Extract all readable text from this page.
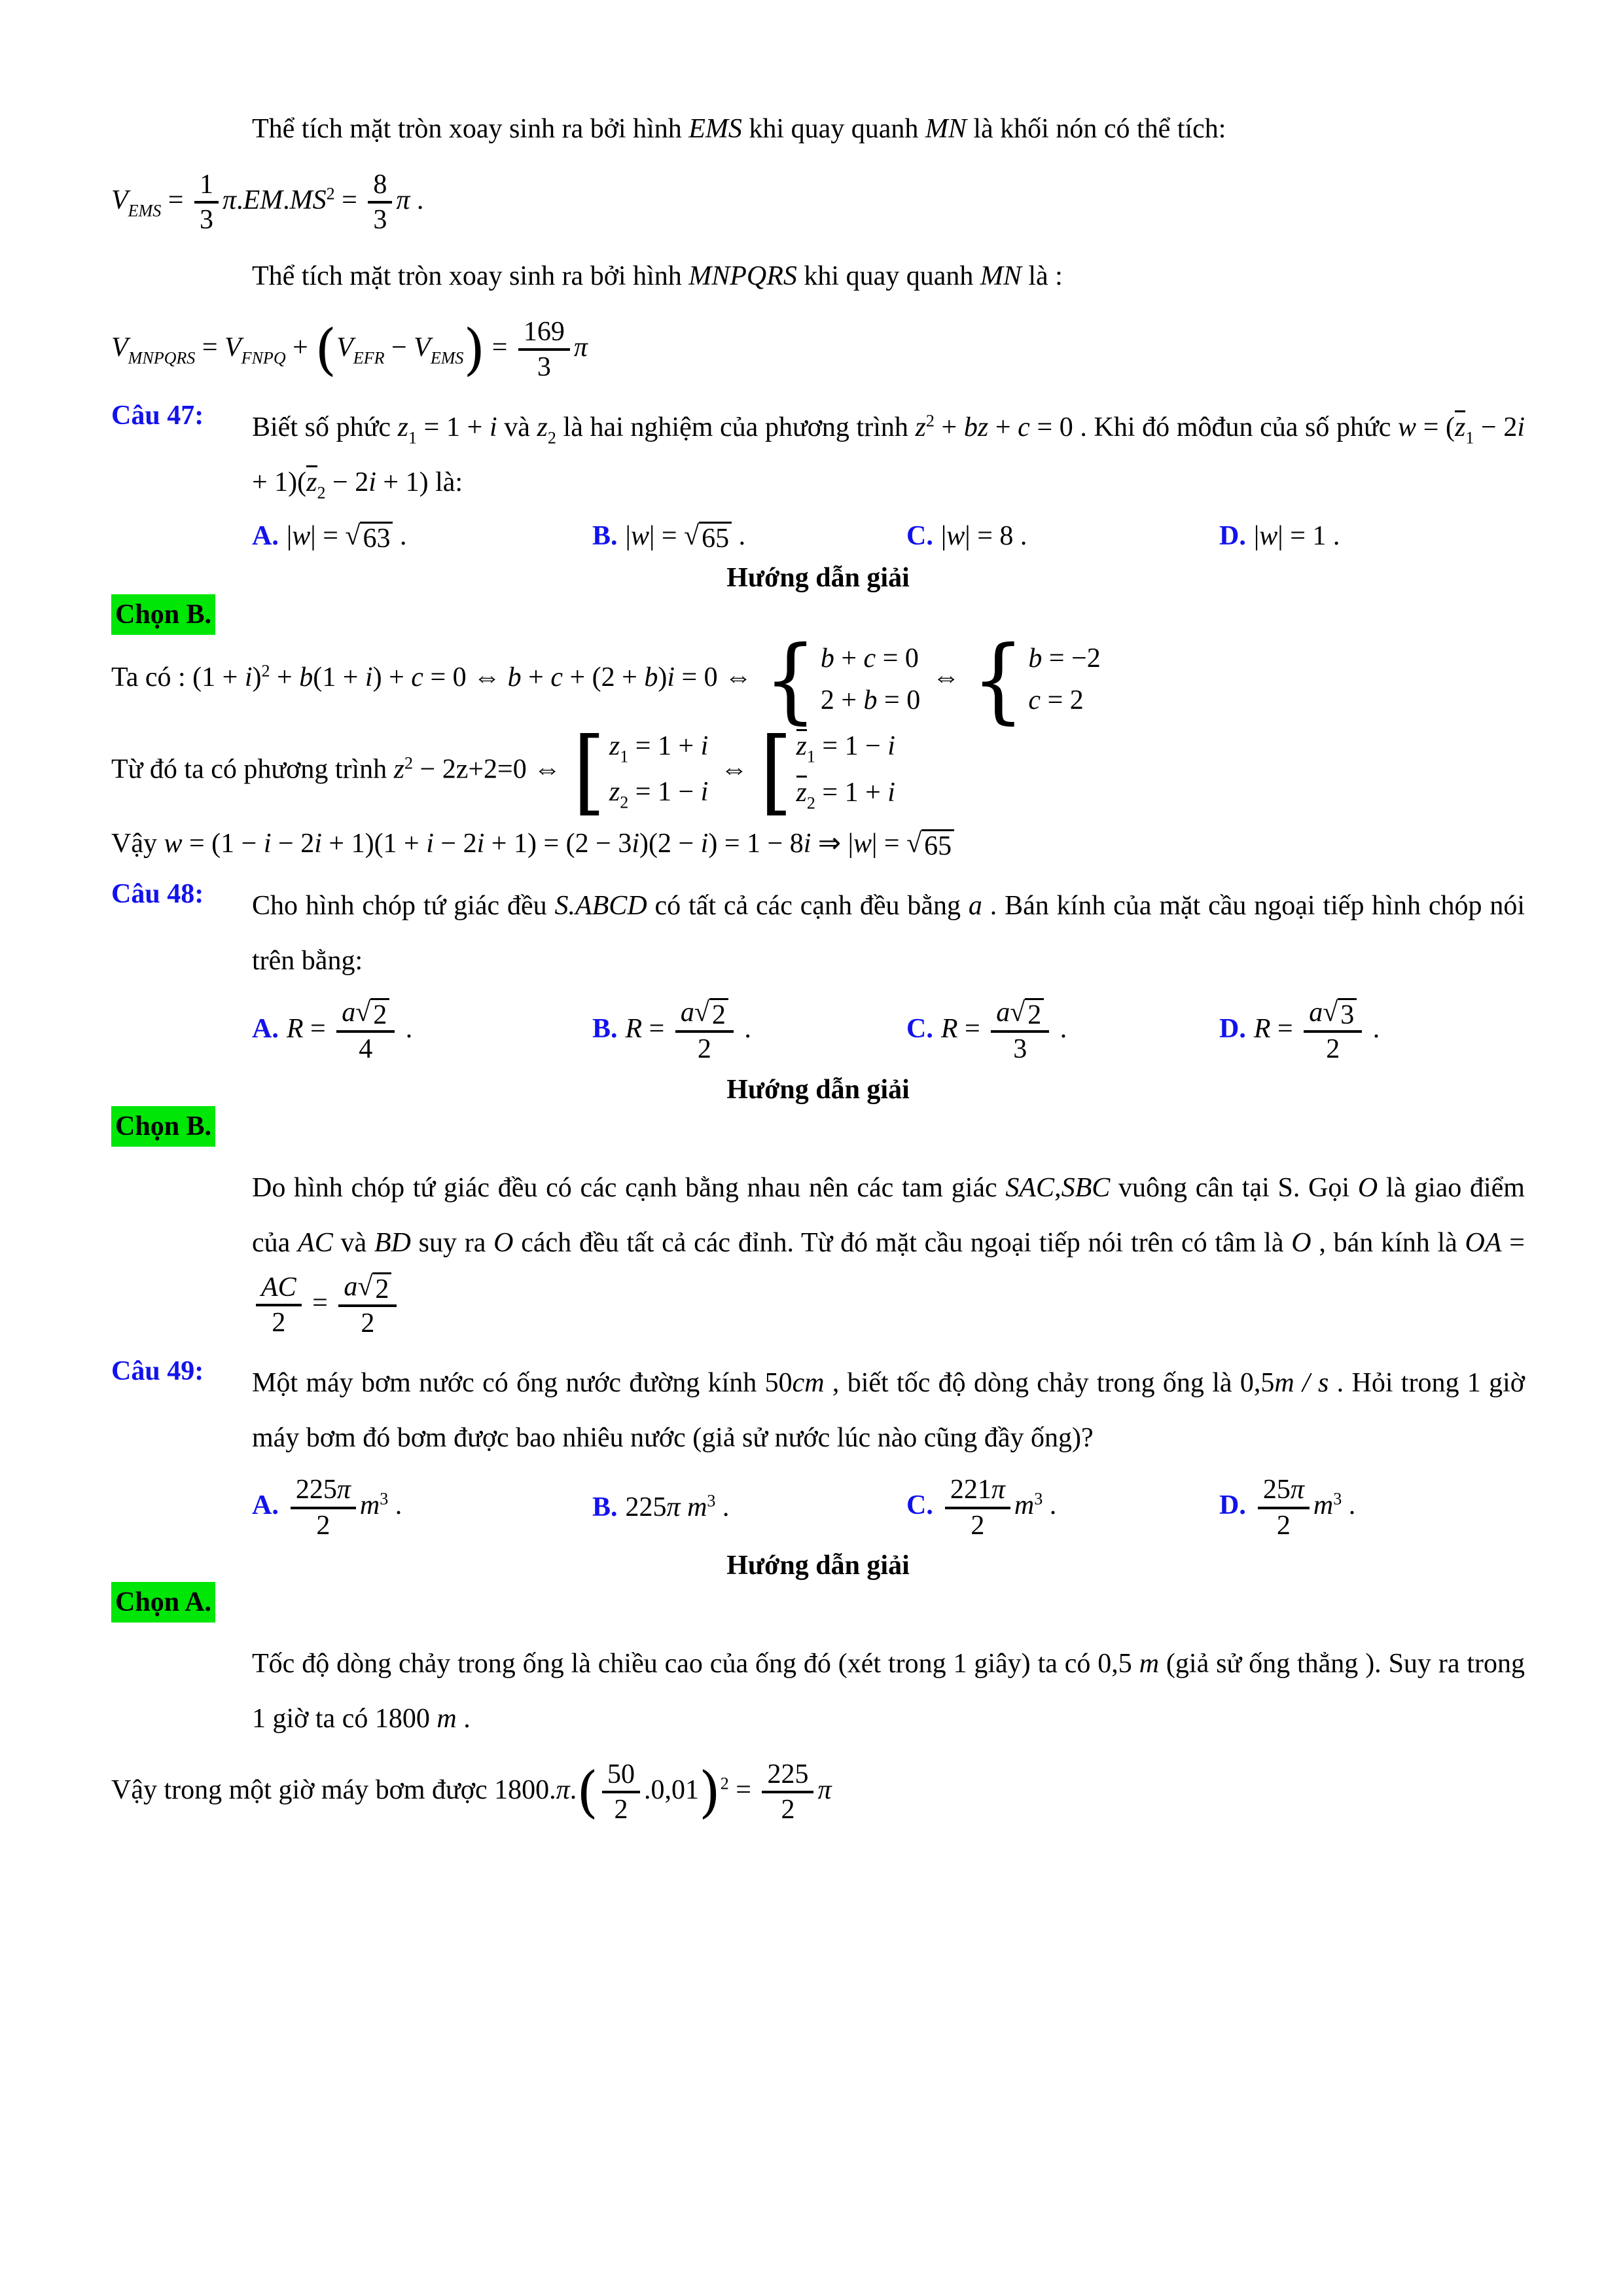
Thể tích mặt tròn xoay sinh ra bởi hình EMS khi quay quanh MN là khối nón có thể tích:
$V_{EMS} = \frac{1}{3} \pi.EM.MS^2 = \frac{8}{3}$ π .
Thể tích mặt tròn xoay sinh ra bởi hình MNPQRS khi quay quanh MN là :
$V_{MNPQRS} = V_{FNPQ} + (V_{EFR} - V_{EMS}) = \frac{169}{3}$ π
Câu 47:	Biết số phức $z_1 = 1 + i$ và $z_2$ là hai nghiệm của phương trình $z^2$ + bz + c = 0 . Khi đó môđun của số phức $w = (z_1 - 2i + 1)(z_2 - 2i + 1)$ là:
A. |w| = √ 63 .	B. |w| = √ 65 .	C. |w| = 8 .	D. |w| = 1 .
Hướng dẫn giải
Chọn B.
Ta có : $(1 + i)^2 + b(1 + i) + c = 0$ ⇔ b + c + (2 + b)i = 0 ⇔ { b + c = 0
2 + b = 0
⇔ { b = −2
c = 2
Từ đó ta có phương trình $z^2 - 2z+2=0$ ⇔ [ $z_1 = 1 + i$
$z_2 = 1 - i$
⇔ [ $z_1 = 1 - i$
$z_2 = 1 + i$
Vậy w = (1 − i − 2i + 1)(1 + i − 2i + 1) = (2 − 3i)(2 − i) = 1 − 8i ⇒ |w| = √ 65
Câu 48:	Cho hình chóp tứ giác đều S.ABCD có tất cả các cạnh đều bằng a . Bán kính của mặt cầu ngoại tiếp hình chóp nói trên bằng:
A. $R = \frac{a √ 2}{4}$ .	B. $R = \frac{a √ 2}{2}$ .	C. $R = \frac{a √ 2}{3}$ .	D. $R = \frac{a √ 3}{2}$ .
Hướng dẫn giải
Chọn B.
Do hình chóp tứ giác đều có các cạnh bằng nhau nên các tam giác SAC,SBC vuông cân tại S. Gọi O là giao điểm của AC và BD suy ra O cách đều tất cả các đỉnh. Từ đó mặt cầu ngoại tiếp nói trên có tâm là O , bán kính là OA =
$\frac{AC}{2} = \frac{a √ 2}{2}$
Câu 49:	Một máy bơm nước có ống nước đường kính 50cm , biết tốc độ dòng chảy trong ống là 0,5m / s . Hỏi trong 1 giờ máy bơm đó bơm được bao nhiêu nước (giả sử nước lúc nào cũng đầy ống)?
A. $\frac{225\pi}{2} m^3$ .	B. 225π $m^3$ .	C. $\frac{221\pi}{2} m^3$ .	D. $\frac{25\pi}{2} m^3$ .
Hướng dẫn giải
Chọn A.
Tốc độ dòng chảy trong ống là chiều cao của ống đó (xét trong 1 giây) ta có 0,5 m (giả sử ống thẳng ). Suy ra trong 1 giờ ta có 1800 m .
Vậy trong một giờ máy bơm được $1800.\pi.( \frac{50}{2} .0,01)^2 = \frac{225}{2}$ π
